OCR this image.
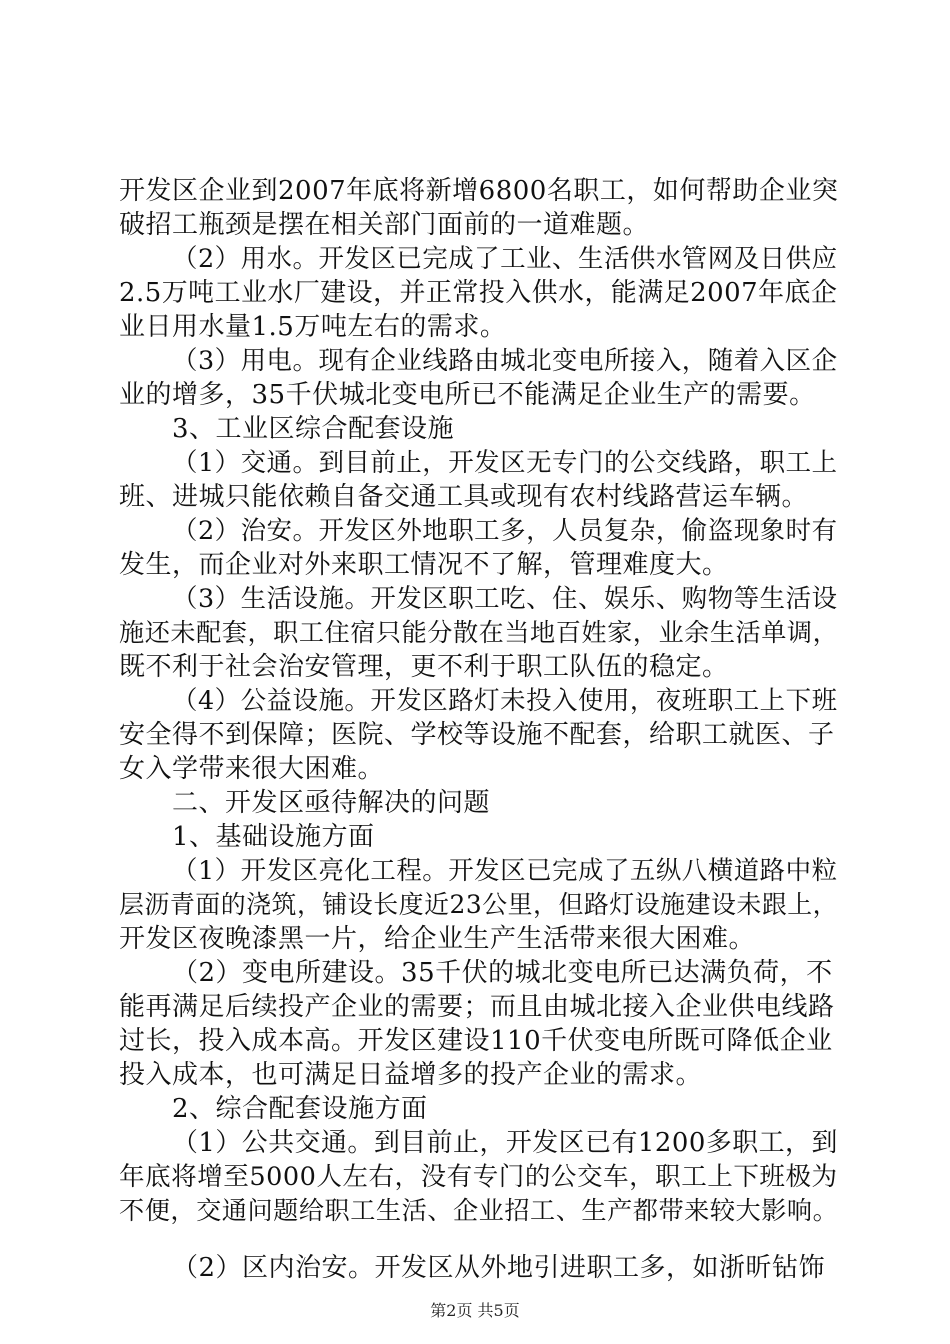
开发区企业到2007年底将新增6800名职工，如何帮助企业突
破招工瓶颈是摆在相关部门面前的一道难题。
（2）用水。开发区已完成了工业、生活供水管网及日供应
2.5万吨工业水厂建设，并正常投入供水，能满足2007年底企
业日用水量1.5万吨左右的需求。
（3）用电。现有企业线路由城北变电所接入，随着入区企
业的增多，35千伏城北变电所已不能满足企业生产的需要。
3、工业区综合配套设施
（1）交通。到目前止，开发区无专门的公交线路，职工上
班、进城只能依赖自备交通工具或现有农村线路营运车辆。
（2）治安。开发区外地职工多，人员复杂，偷盗现象时有
发生，而企业对外来职工情况不了解，管理难度大。
（3）生活设施。开发区职工吃、住、娱乐、购物等生活设
施还未配套，职工住宿只能分散在当地百姓家，业余生活单调，
既不利于社会治安管理，更不利于职工队伍的稳定。
（4）公益设施。开发区路灯未投入使用，夜班职工上下班
安全得不到保障；医院、学校等设施不配套，给职工就医、子
女入学带来很大困难。
二、开发区亟待解决的问题
1、基础设施方面
（1）开发区亮化工程。开发区已完成了五纵八横道路中粒
层沥青面的浇筑，铺设长度近23公里，但路灯设施建设未跟上，
开发区夜晚漆黑一片，给企业生产生活带来很大困难。
（2）变电所建设。35千伏的城北变电所已达满负荷，不
能再满足后续投产企业的需要；而且由城北接入企业供电线路
过长，投入成本高。开发区建设110千伏变电所既可降低企业
投入成本，也可满足日益增多的投产企业的需求。
2、综合配套设施方面
（1）公共交通。到目前止，开发区已有1200多职工，到
年底将增至5000人左右，没有专门的公交车，职工上下班极为
不便，交通问题给职工生活、企业招工、生产都带来较大影响。
（2）区内治安。开发区从外地引进职工多，如浙昕钻饰
第2页 共5页
